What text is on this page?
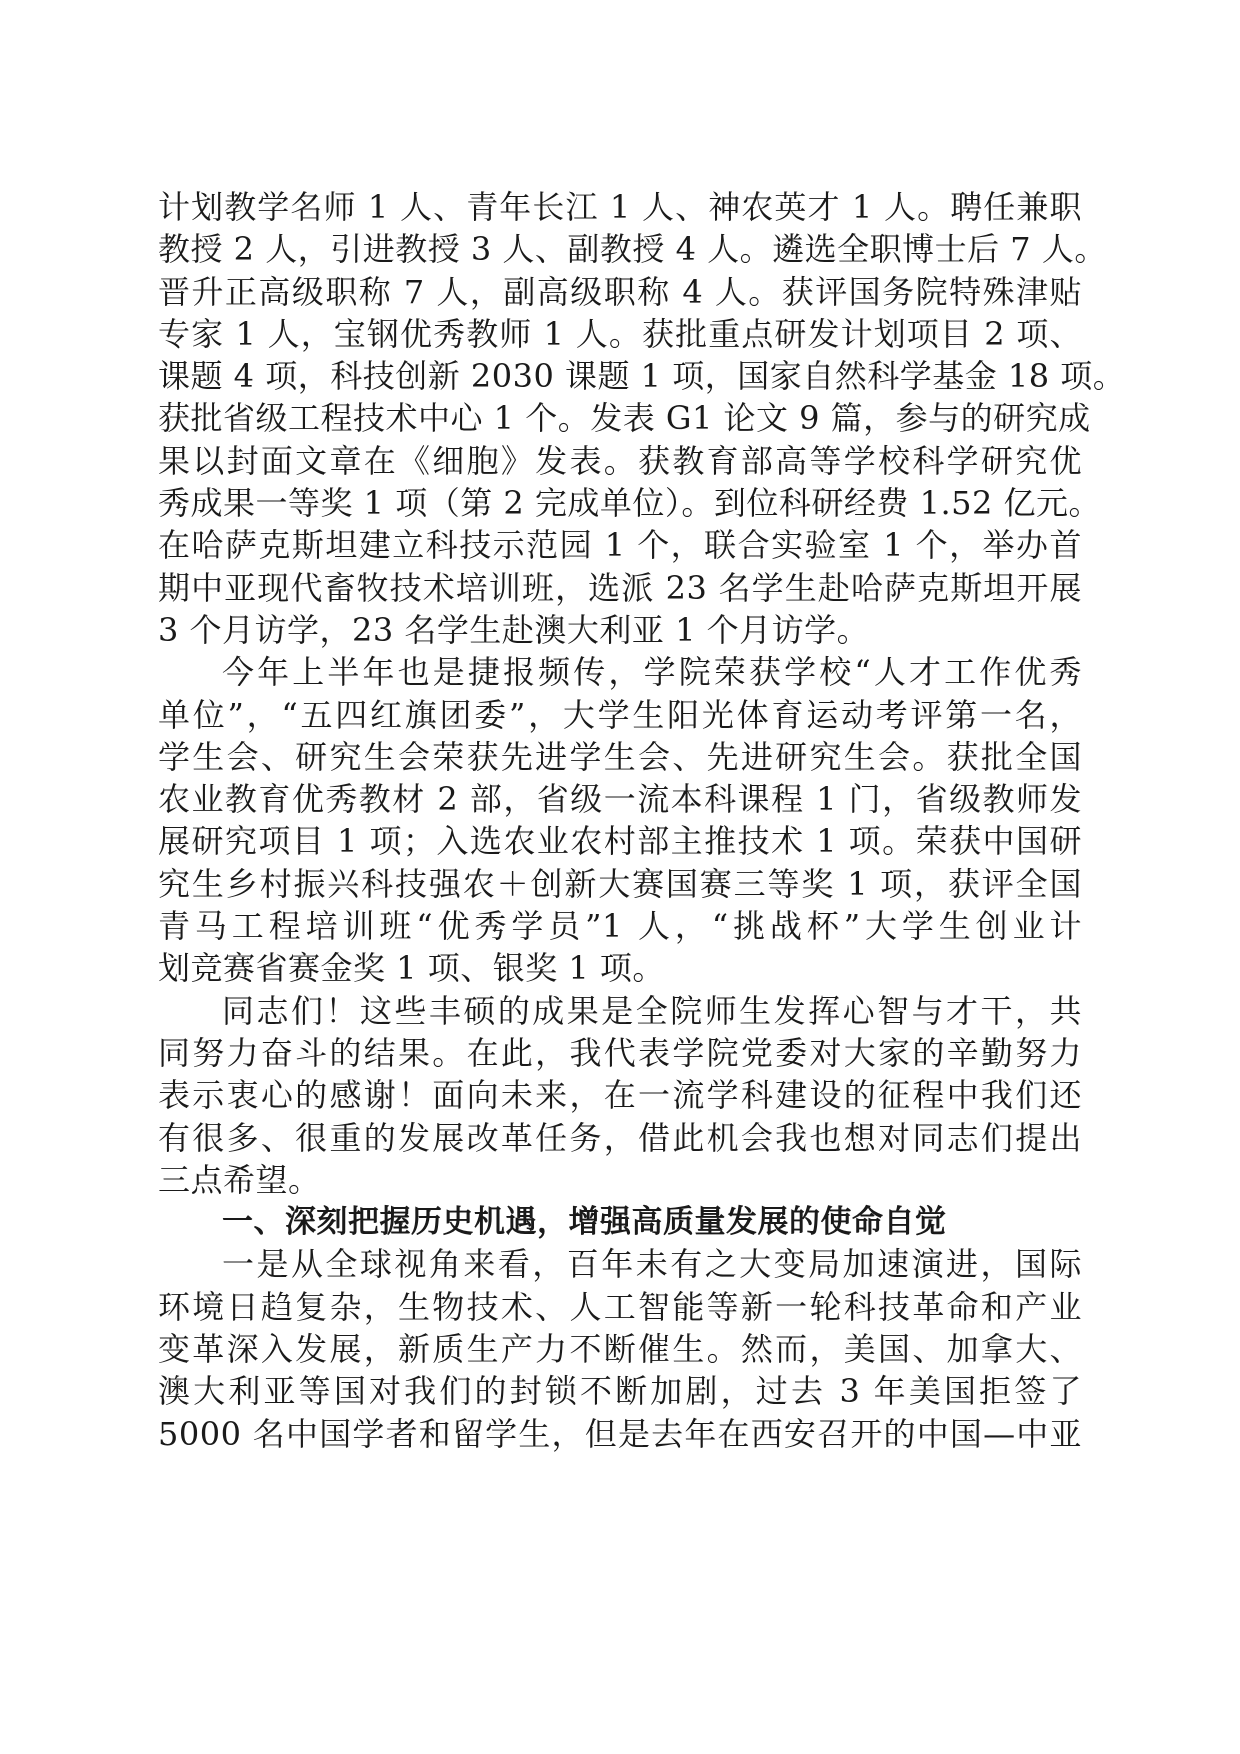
计划教学名师 1 人、青年长江 1 人、神农英才 1 人。聘任兼职
教授 2 人，引进教授 3 人、副教授 4 人。遴选全职博士后 7 人。
晋升正高级职称 7 人，副高级职称 4 人。获评国务院特殊津贴
专家 1 人，宝钢优秀教师 1 人。获批重点研发计划项目 2 项、
课题 4 项，科技创新 2030 课题 1 项，国家自然科学基金 18 项。
获批省级工程技术中心 1 个。发表 G1 论文 9 篇，参与的研究成
果以封面文章在《细胞》发表。获教育部高等学校科学研究优
秀成果一等奖 1 项（第 2 完成单位）。到位科研经费 1.52 亿元。
在哈萨克斯坦建立科技示范园 1 个，联合实验室 1 个，举办首
期中亚现代畜牧技术培训班，选派 23 名学生赴哈萨克斯坦开展
3 个月访学，23 名学生赴澳大利亚 1 个月访学。
今年上半年也是捷报频传，学院荣获学校“人才工作优秀
单位”，“五四红旗团委”，大学生阳光体育运动考评第一名，
学生会、研究生会荣获先进学生会、先进研究生会。获批全国
农业教育优秀教材 2 部，省级一流本科课程 1 门，省级教师发
展研究项目 1 项；入选农业农村部主推技术 1 项。荣获中国研
究生乡村振兴科技强农＋创新大赛国赛三等奖 1 项，获评全国
青马工程培训班“优秀学员”1 人，“挑战杯”大学生创业计
划竞赛省赛金奖 1 项、银奖 1 项。
同志们！这些丰硕的成果是全院师生发挥心智与才干，共
同努力奋斗的结果。在此，我代表学院党委对大家的辛勤努力
表示衷心的感谢！面向未来，在一流学科建设的征程中我们还
有很多、很重的发展改革任务，借此机会我也想对同志们提出
三点希望。
一、深刻把握历史机遇，增强高质量发展的使命自觉
一是从全球视角来看，百年未有之大变局加速演进，国际
环境日趋复杂，生物技术、人工智能等新一轮科技革命和产业
变革深入发展，新质生产力不断催生。然而，美国、加拿大、
澳大利亚等国对我们的封锁不断加剧，过去 3 年美国拒签了
5000 名中国学者和留学生，但是去年在西安召开的中国—中亚
